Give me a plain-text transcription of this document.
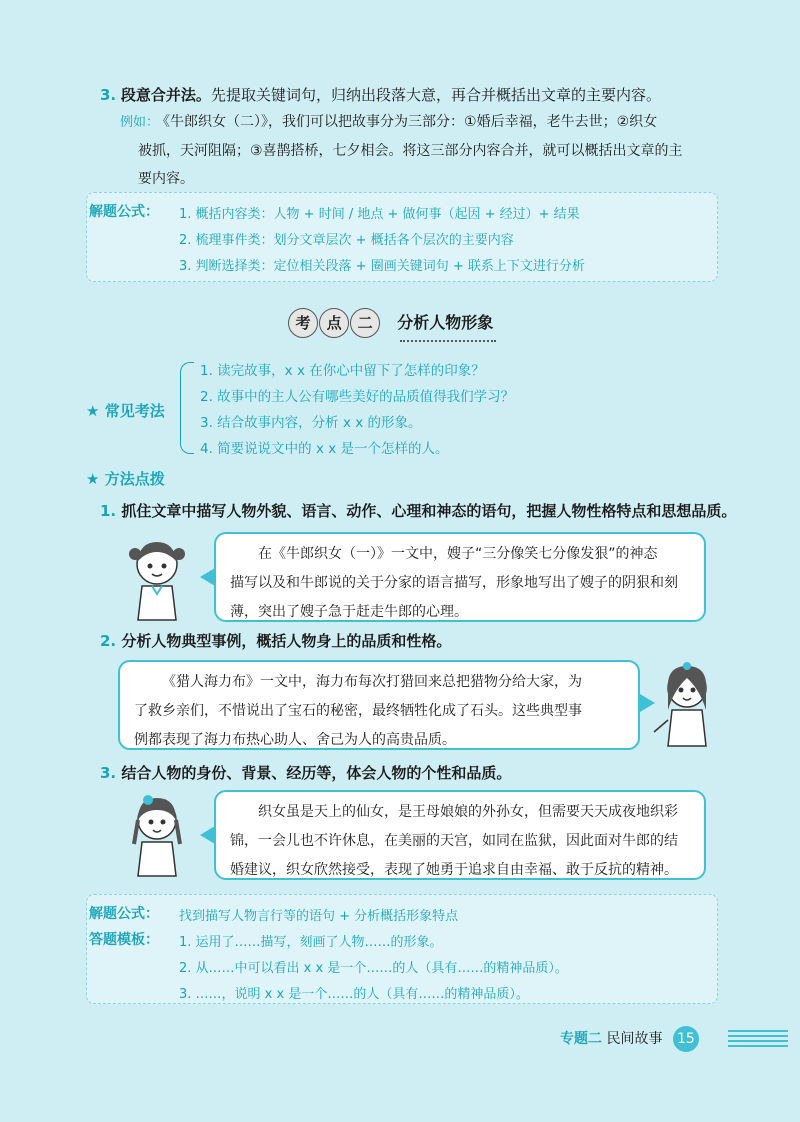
3. 段意合并法。先提取关键词句，归纳出段落大意，再合并概括出文章的主要内容。
例如： 《牛郎织女（二）》，我们可以把故事分为三部分：①婚后幸福，老牛去世；②织女
被抓，天河阻隔；③喜鹊搭桥，七夕相会。将这三部分内容合并，就可以概括出文章的主
要内容。
解题公式： 1. 概括内容类：人物 + 时间 / 地点 + 做何事（起因 + 经过）+ 结果
2. 梳理事件类：划分文章层次 + 概括各个层次的主要内容
3. 判断选择类：定位相关段落 + 圈画关键词句 + 联系上下文进行分析
考 点 二 分析人物形象
★ 常见考法
1. 读完故事，x x 在你心中留下了怎样的印象？
2. 故事中的主人公有哪些美好的品质值得我们学习？
3. 结合故事内容，分析 x x 的形象。
4. 简要说说文中的 x x 是一个怎样的人。
★ 方法点拨
1. 抓住文章中描写人物外貌、语言、动作、心理和神态的语句，把握人物性格特点和思想品质。
在《牛郎织女（一）》一文中，嫂子“三分像笑七分像发狠”的神态
描写以及和牛郎说的关于分家的语言描写，形象地写出了嫂子的阴狠和刻
薄，突出了嫂子急于赶走牛郎的心理。
2. 分析人物典型事例，概括人物身上的品质和性格。
《猎人海力布》一文中，海力布每次打猎回来总把猎物分给大家，为
了救乡亲们，不惜说出了宝石的秘密，最终牺牲化成了石头。这些典型事
例都表现了海力布热心助人、舍己为人的高贵品质。
3. 结合人物的身份、背景、经历等，体会人物的个性和品质。
织女虽是天上的仙女，是王母娘娘的外孙女，但需要天天成夜地织彩
锦，一会儿也不许休息，在美丽的天宫，如同在监狱，因此面对牛郎的结
婚建议，织女欣然接受，表现了她勇于追求自由幸福、敢于反抗的精神。
解题公式： 找到描写人物言行等的语句 + 分析概括形象特点
答题模板： 1. 运用了……描写，刻画了人物……的形象。
2. 从……中可以看出 x x 是一个……的人（具有……的精神品质）。
3. ……，说明 x x 是一个……的人（具有……的精神品质）。
专题二 民间故事 15
